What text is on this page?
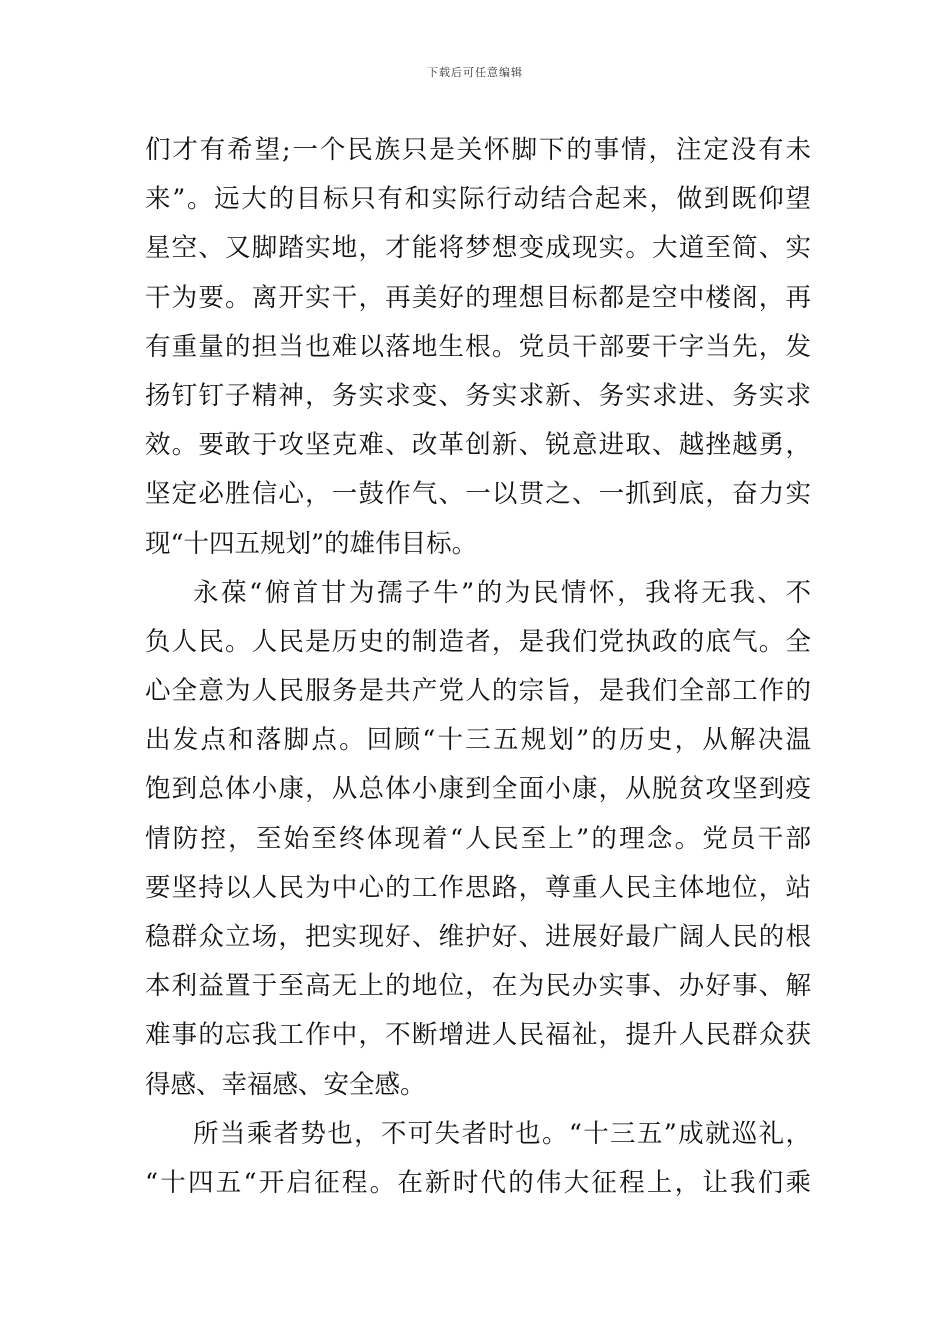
下载后可任意编辑
们才有希望;一个民族只是关怀脚下的事情，注定没有未
来”。远大的目标只有和实际行动结合起来，做到既仰望
星空、又脚踏实地，才能将梦想变成现实。大道至简、实
干为要。离开实干，再美好的理想目标都是空中楼阁，再
有重量的担当也难以落地生根。党员干部要干字当先，发
扬钉钉子精神，务实求变、务实求新、务实求进、务实求
效。要敢于攻坚克难、改革创新、锐意进取、越挫越勇，
坚定必胜信心，一鼓作气、一以贯之、一抓到底，奋力实
现“十四五规划”的雄伟目标。
永葆“俯首甘为孺子牛”的为民情怀，我将无我、不
负人民。人民是历史的制造者，是我们党执政的底气。全
心全意为人民服务是共产党人的宗旨，是我们全部工作的
出发点和落脚点。回顾“十三五规划”的历史，从解决温
饱到总体小康，从总体小康到全面小康，从脱贫攻坚到疫
情防控，至始至终体现着“人民至上”的理念。党员干部
要坚持以人民为中心的工作思路，尊重人民主体地位，站
稳群众立场，把实现好、维护好、进展好最广阔人民的根
本利益置于至高无上的地位，在为民办实事、办好事、解
难事的忘我工作中，不断增进人民福祉，提升人民群众获
得感、幸福感、安全感。
所当乘者势也，不可失者时也。“十三五”成就巡礼，
“十四五“开启征程。在新时代的伟大征程上，让我们乘
